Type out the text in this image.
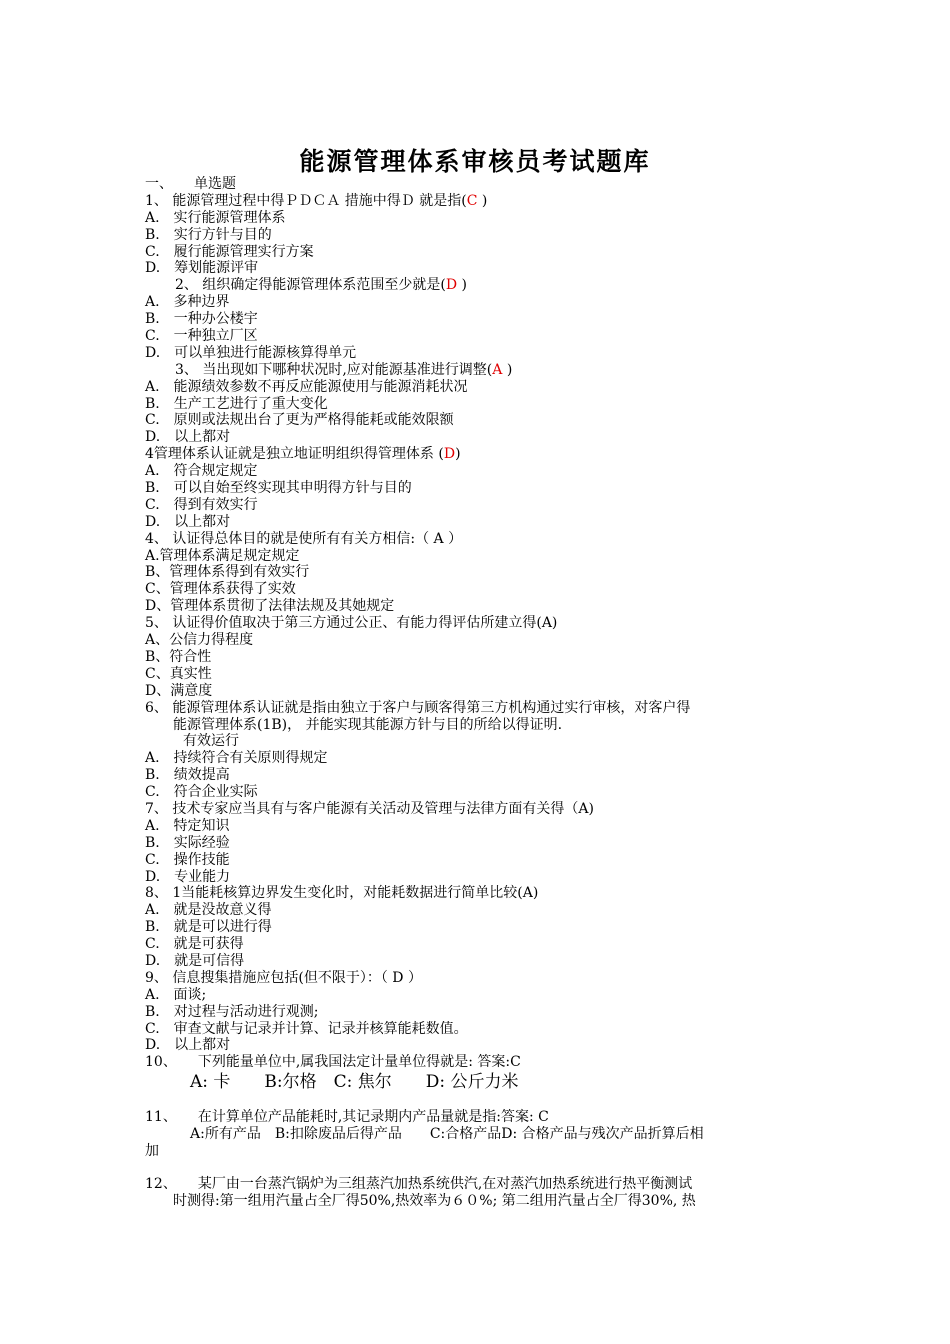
能源管理体系审核员考试题库
一、　　单选题
1、 能源管理过程中得ＰＤＣＡ 措施中得Ｄ 就是指(C )
A.　实行能源管理体系
B.　实行方针与目的
C.　履行能源管理实行方案
D.　筹划能源评审
2、 组织确定得能源管理体系范围至少就是(D )
A.　多种边界
B.　一种办公楼宇
C.　一种独立厂区
D.　可以单独进行能源核算得单元
3、 当出现如下哪种状况时,应对能源基准进行调整(A )
A.　能源绩效参数不再反应能源使用与能源消耗状况
B.　生产工艺进行了重大变化
C.　原则或法规出台了更为严格得能耗或能效限额
D.　以上都对
4管理体系认证就是独立地证明组织得管理体系 (D)
A.　符合规定规定
B.　可以自始至终实现其申明得方针与目的
C.　得到有效实行
D.　以上都对
4、 认证得总体目的就是使所有有关方相信:（ A ）
A.管理体系满足规定规定
B、管理体系得到有效实行
C、管理体系获得了实效
D、管理体系贯彻了法律法规及其她规定
5、 认证得价值取决于第三方通过公正、有能力得评估所建立得(A)
A、公信力得程度
B、符合性
C、真实性
D、满意度
6、 能源管理体系认证就是指由独立于客户与顾客得第三方机构通过实行审核，对客户得
能源管理体系(1B)， 并能实现其能源方针与目的所给以得证明.
有效运行
A.　持续符合有关原则得规定
B.　绩效提高
C.　符合企业实际
7、 技术专家应当具有与客户能源有关活动及管理与法律方面有关得（A)
A.　特定知识
B.　实际经验
C.　操作技能
D.　专业能力
8、 1当能耗核算边界发生变化时，对能耗数据进行简单比较(A)
A.　就是没故意义得
B.　就是可以进行得
C.　就是可获得
D.　就是可信得
9、 信息搜集措施应包括(但不限于）：（ D ）
A.　面谈;
B.　对过程与活动进行观测;
C.　审查文献与记录并计算、记录并核算能耗数值。
D.　以上都对
10、　　下列能量单位中,属我国法定计量单位得就是: 答案:C
A: 卡　　B:尔格　C: 焦尔　　D: 公斤力米
11、　　在计算单位产品能耗时,其记录期内产品量就是指:答案: C
A:所有产品　B:扣除废品后得产品　　C:合格产品D: 合格产品与残次产品折算后相
加
12、　　某厂由一台蒸汽锅炉为三组蒸汽加热系统供汽,在对蒸汽加热系统进行热平衡测试
时测得:第一组用汽量占全厂得50%,热效率为６０%; 第二组用汽量占全厂得30%, 热
